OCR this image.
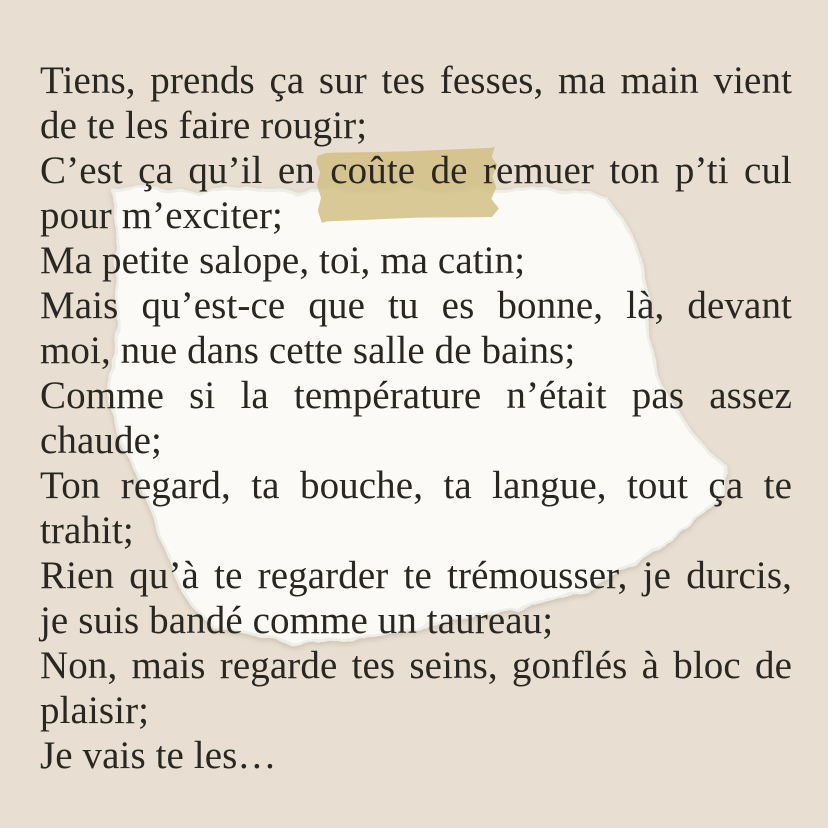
Tiens, prends ça sur tes fesses, ma main vient
de te les faire rougir;
C’est ça qu’il en coûte de remuer ton p’ti cul
pour m’exciter;
Ma petite salope, toi, ma catin;
Mais qu’est-ce que tu es bonne, là, devant
moi, nue dans cette salle de bains;
Comme si la température n’était pas assez
chaude;
Ton regard, ta bouche, ta langue, tout ça te
trahit;
Rien qu’à te regarder te trémousser, je durcis,
je suis bandé comme un taureau;
Non, mais regarde tes seins, gonflés à bloc de
plaisir;
Je vais te les…
